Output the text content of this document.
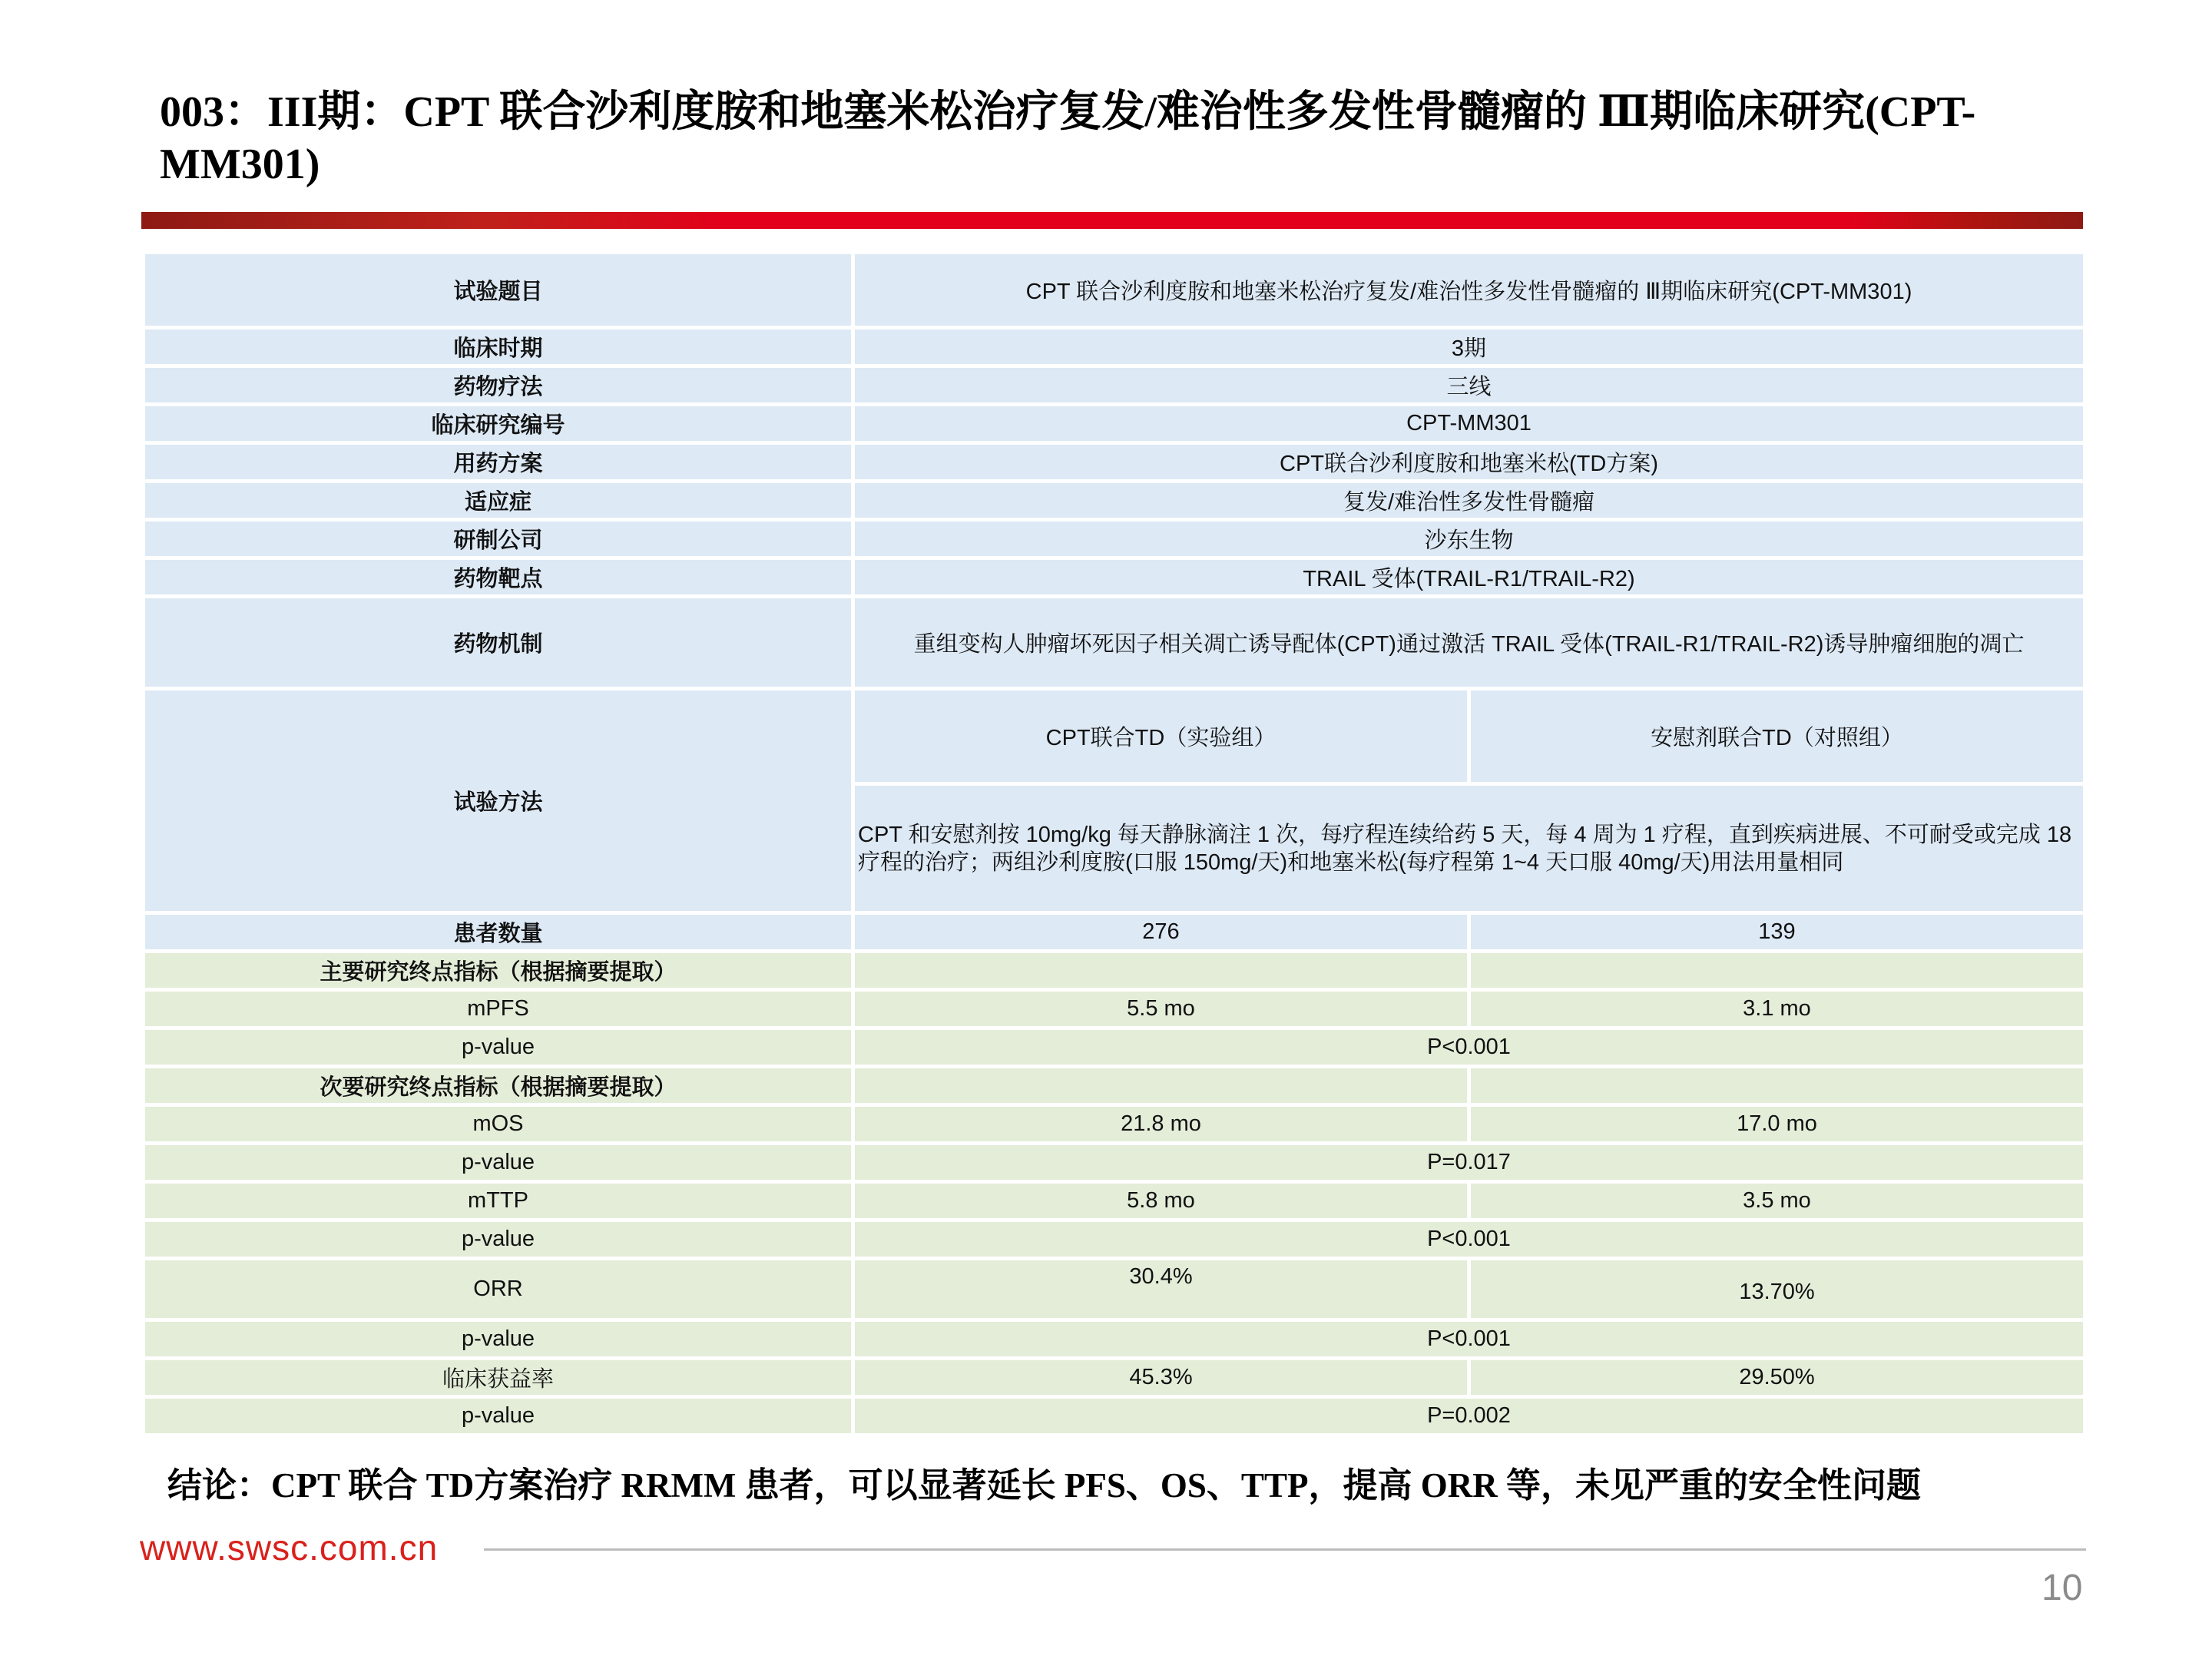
003：III期：CPT 联合沙利度胺和地塞米松治疗复发/难治性多发性骨髓瘤的 Ⅲ期临床研究(CPT-MM301)
试验题目	CPT 联合沙利度胺和地塞米松治疗复发/难治性多发性骨髓瘤的 Ⅲ期临床研究(CPT-MM301)	
临床时期	3期	
药物疗法	三线	
临床研究编号	CPT-MM301	
用药方案	CPT联合沙利度胺和地塞米松(TD方案)	
适应症	复发/难治性多发性骨髓瘤	
研制公司	沙东生物	
药物靶点	TRAIL 受体(TRAIL-R1/TRAIL-R2)	
药物机制	重组变构人肿瘤坏死因子相关凋亡诱导配体(CPT)通过激活 TRAIL 受体(TRAIL-R1/TRAIL-R2)诱导肿瘤细胞的凋亡	
试验方法	CPT联合TD（实验组）	安慰剂联合TD（对照组）
	CPT 和安慰剂按 10mg/kg 每天静脉滴注 1 次，每疗程连续给药 5 天，每 4 周为 1 疗程，直到疾病进展、不可耐受或完成 18 疗程的治疗；两组沙利度胺(口服 150mg/天)和地塞米松(每疗程第 1~4 天口服 40mg/天)用法用量相同	
患者数量	276	139
主要研究终点指标（根据摘要提取）		
mPFS	5.5 mo	3.1 mo
p-value	P<0.001	
次要研究终点指标（根据摘要提取）		
mOS	21.8 mo	17.0 mo
p-value	P=0.017	
mTTP	5.8 mo	3.5 mo
p-value	P<0.001	
ORR	30.4%	13.70%
p-value	P<0.001	
临床获益率	45.3%	29.50%
p-value	P=0.002	
结论：CPT 联合 TD方案治疗 RRMM 患者，可以显著延长 PFS、OS、TTP，提高 ORR 等，未见严重的安全性问题
www.swsc.com.cn
10
